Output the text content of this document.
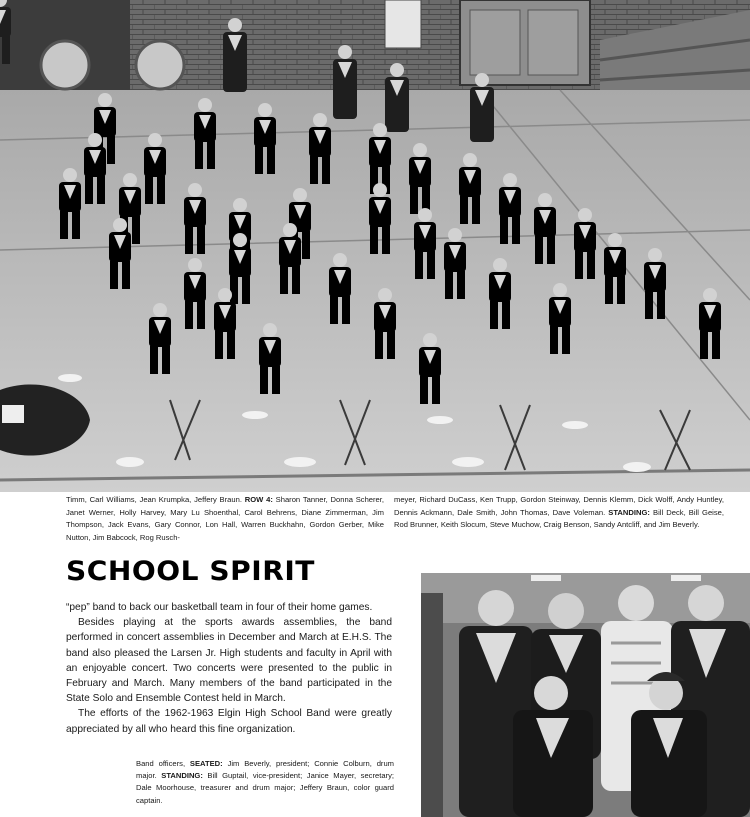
Timm, Carl Williams, Jean Krumpka, Jeffery Braun. ROW 4: Sharon Tanner, Donna Scherer, Janet Werner, Holly Harvey, Mary Lu Shoenthal, Carol Behrens, Diane Zimmerman, Jim Thompson, Jack Evans, Gary Connor, Lon Hall, Warren Buckhahn, Gordon Gerber, Mike Nutton, Jim Babcock, Rog Rusch-

meyer, Richard DuCass, Ken Trupp, Gordon Steinway, Dennis Klemm, Dick Wolff, Andy Huntley, Dennis Ackmann, Dale Smith, John Thomas, Dave Voleman. STANDING: Bill Deck, Bill Geise, Rod Brunner, Keith Slocum, Steve Muchow, Craig Benson, Sandy Antcliff, and Jim Beverly.

SCHOOL SPIRIT

“pep” band to back our basketball team in four of their home games.

Besides playing at the sports awards assemblies, the band performed in concert assemblies in December and March at E.H.S. The band also pleased the Larsen Jr. High students and faculty in April with an enjoyable concert. Two concerts were presented to the public in February and March. Many members of the band participated in the State Solo and Ensemble Contest held in March.

The efforts of the 1962-1963 Elgin High School Band were greatly appreciated by all who heard this fine organization.

Band officers, SEATED: Jim Beverly, president; Connie Colburn, drum major. STANDING: Bill Guptail, vice-president; Janice Mayer, secretary; Dale Moorhouse, treasurer and drum major; Jeffery Braun, color guard captain.
